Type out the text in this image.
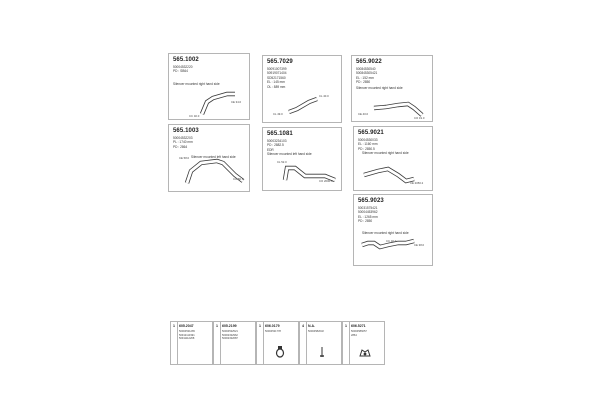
565.1002
50004532220
PD : SB64
Silencer mounted right hand side
CC 40.0
CE 34.0
565.7029
50091007399
50919071404
SD52171560
EL : 145 mm
OL : 889 mm
CL 49.0
CL 40.0
565.9022
50084530540
500845305421
EL : 152 mm
PD : 2850
Silencer mounted right hand side
CE 40.0
CO 19.0
565.1003
50004532203
PL : 1740 mm
PD : 2864
Silencer mounted left hand side
CE 58.0
CO 50.0
565.1081
50003234103
PD : 2882.5
EDR
Silencer mounted left hand side
CL 52.0
CO 2000.0
565.9021
50004530033
EL : 1160 mm
PD : 2850.5
Silencer mounted right hand side
CE 2050.2
565.9023
50031575421
50004453962
EL : 1265 mm
PD : 2850
Silencer mounted right hand side
CC 40.0
CE 38.0
1 605.2047
50004531265
50912113391
50911112268
1 605.2199
50004532521
50002332962
50002332687
1 606.0179
50004531778
4 N.A.
50004582032
1 606.5271
50004586057
2864
